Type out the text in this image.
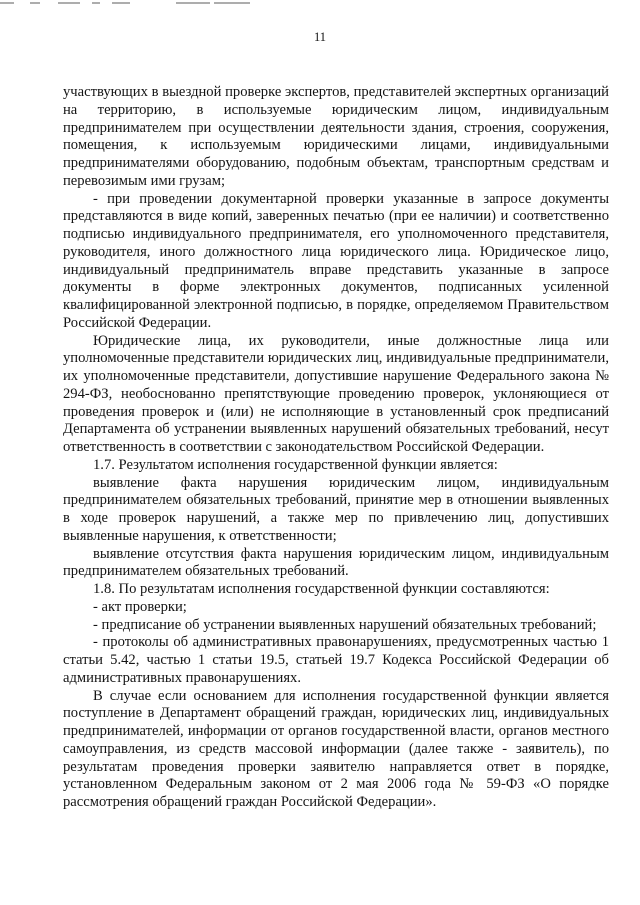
11

участвующих в выездной проверке экспертов, представителей экспертных организаций на территорию, в используемые юридическим лицом, индивидуальным предпринимателем при осуществлении деятельности здания, строения, сооружения, помещения, к используемым юридическими лицами, индивидуальными предпринимателями оборудованию, подобным объектам, транспортным средствам и перевозимым ими грузам;

- при проведении документарной проверки указанные в запросе документы представляются в виде копий, заверенных печатью (при ее наличии) и соответственно подписью индивидуального предпринимателя, его уполномоченного представителя, руководителя, иного должностного лица юридического лица. Юридическое лицо, индивидуальный предприниматель вправе представить указанные в запросе документы в форме электронных документов, подписанных усиленной квалифицированной электронной подписью, в порядке, определяемом Правительством Российской Федерации.

Юридические лица, их руководители, иные должностные лица или уполномоченные представители юридических лиц, индивидуальные предприниматели, их уполномоченные представители, допустившие нарушение Федерального закона № 294-ФЗ, необоснованно препятствующие проведению проверок, уклоняющиеся от проведения проверок и (или) не исполняющие в установленный срок предписаний Департамента об устранении выявленных нарушений обязательных требований, несут ответственность в соответствии с законодательством Российской Федерации.

1.7. Результатом исполнения государственной функции является:

выявление факта нарушения юридическим лицом, индивидуальным предпринимателем обязательных требований, принятие мер в отношении выявленных в ходе проверок нарушений, а также мер по привлечению лиц, допустивших выявленные нарушения, к ответственности;

выявление отсутствия факта нарушения юридическим лицом, индивидуальным предпринимателем обязательных требований.

1.8. По результатам исполнения государственной функции составляются:

- акт проверки;

- предписание об устранении выявленных нарушений обязательных требований;

- протоколы об административных правонарушениях, предусмотренных частью 1 статьи 5.42, частью 1 статьи 19.5, статьей 19.7 Кодекса Российской Федерации об административных правонарушениях.

В случае если основанием для исполнения государственной функции является поступление в Департамент обращений граждан, юридических лиц, индивидуальных предпринимателей, информации от органов государственной власти, органов местного самоуправления, из средств массовой информации (далее также - заявитель), по результатам проведения проверки заявителю направляется ответ в порядке, установленном Федеральным законом от 2 мая 2006 года № 59-ФЗ «О порядке рассмотрения обращений граждан Российской Федерации».
